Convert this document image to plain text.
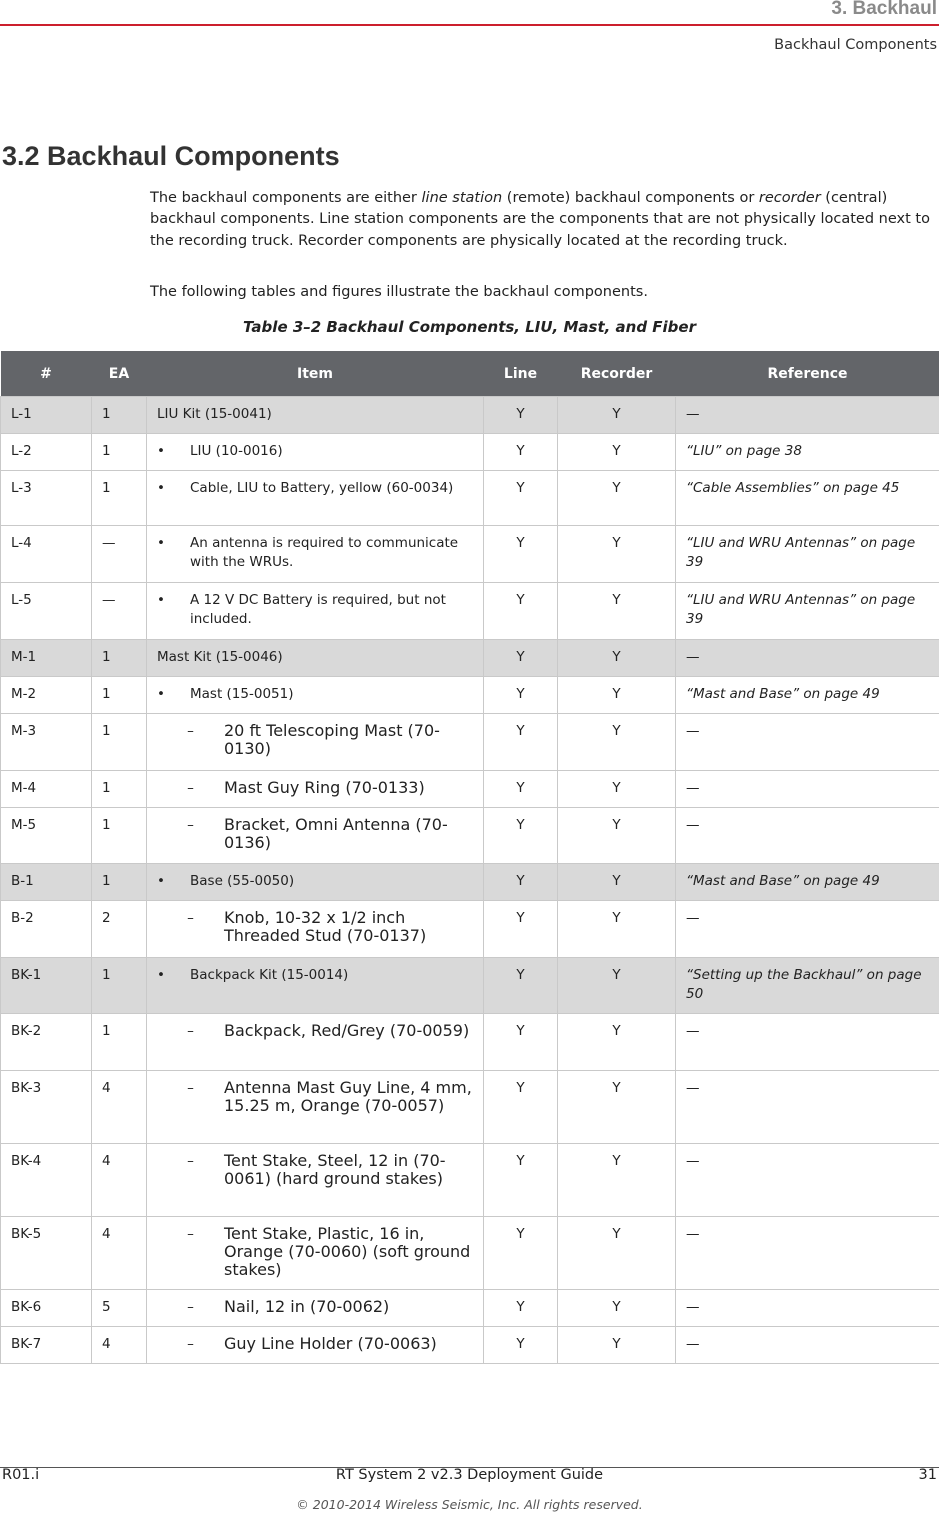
3. Backhaul
Backhaul Components
3.2 Backhaul Components
The backhaul components are either line station (remote) backhaul components or recorder (central) backhaul components. Line station components are the components that are not physically located next to the recording truck. Recorder components are physically located at the recording truck.
The following tables and figures illustrate the backhaul components.
Table 3–2 Backhaul Components, LIU, Mast, and Fiber
#	EA	Item	Line	Recorder	Reference
L-1	1	LIU Kit (15-0041)	Y	Y	—
L-2	1	• LIU (10-0016)	Y	Y	“LIU” on page 38
L-3	1	• Cable, LIU to Battery, yellow (60-0034)	Y	Y	“Cable Assemblies” on page 45
L-4	—	• An antenna is required to communicate with the WRUs.	Y	Y	“LIU and WRU Antennas” on page 39
L-5	—	• A 12 V DC Battery is required, but not included.	Y	Y	“LIU and WRU Antennas” on page 39
M-1	1	Mast Kit (15-0046)	Y	Y	—
M-2	1	• Mast (15-0051)	Y	Y	“Mast and Base” on page 49
M-3	1	– 20 ft Telescoping Mast (70-0130)	Y	Y	—
M-4	1	– Mast Guy Ring (70-0133)	Y	Y	—
M-5	1	– Bracket, Omni Antenna (70-0136)	Y	Y	—
B-1	1	• Base (55-0050)	Y	Y	“Mast and Base” on page 49
B-2	2	– Knob, 10-32 x 1/2 inch Threaded Stud (70-0137)	Y	Y	—
BK-1	1	• Backpack Kit (15-0014)	Y	Y	“Setting up the Backhaul” on page 50
BK-2	1	– Backpack, Red/Grey (70-0059)	Y	Y	—
BK-3	4	– Antenna Mast Guy Line, 4 mm, 15.25 m, Orange (70-0057)	Y	Y	—
BK-4	4	– Tent Stake, Steel, 12 in (70-0061) (hard ground stakes)	Y	Y	—
BK-5	4	– Tent Stake, Plastic, 16 in, Orange (70-0060) (soft ground stakes)	Y	Y	—
BK-6	5	– Nail, 12 in (70-0062)	Y	Y	—
BK-7	4	– Guy Line Holder (70-0063)	Y	Y	—
R01.i	RT System 2 v2.3 Deployment Guide	31
© 2010-2014 Wireless Seismic, Inc. All rights reserved.
